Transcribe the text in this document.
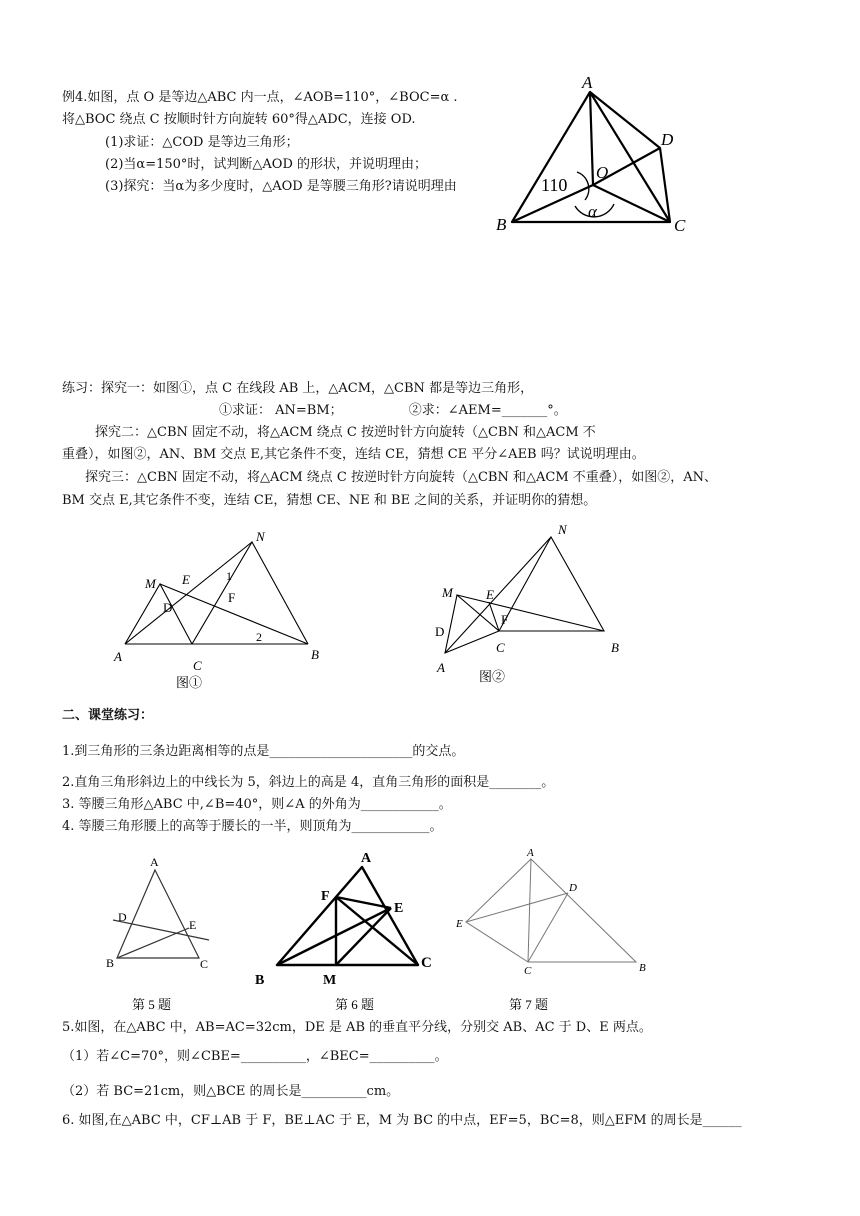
例4.如图，点 O 是等边△ABC 内一点，∠AOB=110°，∠BOC=α .
将△BOC 绕点 C 按顺时针方向旋转 60°得△ADC，连接 OD.
(1)求证：△COD 是等边三角形；
(2)当α=150°时，试判断△AOD 的形状，并说明理由；
(3)探究：当α为多少度时，△AOD 是等腰三角形?请说明理由
A
B	C
D
O
110
α
练习：探究一：如图①，点 C 在线段 AB 上，△ACM，△CBN 都是等边三角形，
①求证： AN=BM；                ②求：∠AEM=_______°。
探究二：△CBN 固定不动，将△ACM 绕点 C 按逆时针方向旋转（△CBN 和△ACM 不
重叠），如图②，AN、BM 交点 E,其它条件不变，连结 CE，猜想 CE 平分∠AEB 吗？试说明理由。
探究三：△CBN 固定不动，将△ACM 绕点 C 按逆时针方向旋转（△CBN 和△ACM 不重叠），如图②，AN、
BM 交点 E,其它条件不变，连结 CE，猜想 CE、NE 和 BE 之间的关系，并证明你的猜想。
N
M E	1
F
D
2
A
C
B
图①
N
M	E
F
D
C	B
A
图②
二、课堂练习：
1.到三角形的三条边距离相等的点是______________________的交点。
2.直角三角形斜边上的中线长为 5，斜边上的高是 4，直角三角形的面积是________。
3. 等腰三角形△ABC 中,∠B=40°，则∠A 的外角为____________。
4. 等腰三角形腰上的高等于腰长的一半，则顶角为____________。
A
D
E
B	C
第 5 题
A
F
E
B	M
C
第 6 题
A
D
E
C	B
第 7 题
5.如图，在△ABC 中，AB=AC=32cm，DE 是 AB 的垂直平分线，分别交 AB、AC 于 D、E 两点。
（1）若∠C=70°，则∠CBE=__________，∠BEC=__________。
（2）若 BC=21cm，则△BCE 的周长是__________cm。
6. 如图,在△ABC 中，CF⊥AB 于 F，BE⊥AC 于 E，M 为 BC 的中点，EF=5，BC=8，则△EFM 的周长是______
